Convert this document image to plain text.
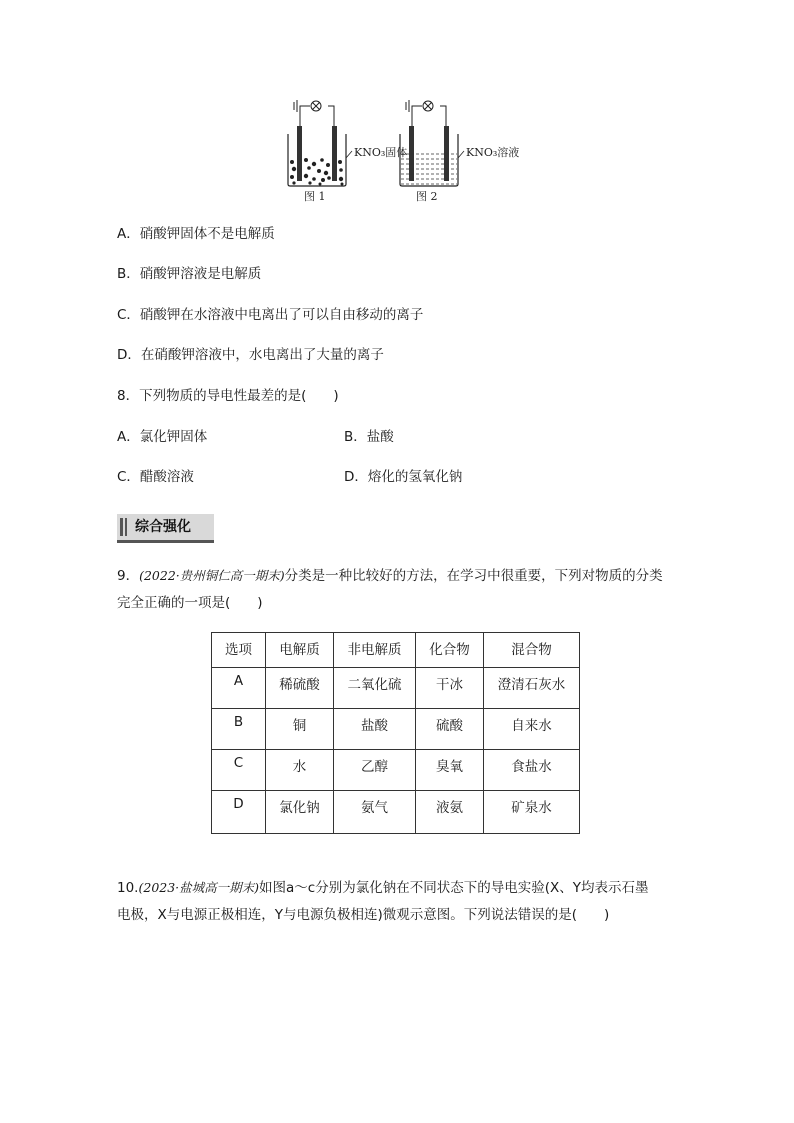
KNO₃固体	KNO₃溶液
图 1	图 2
A．硝酸钾固体不是电解质
B．硝酸钾溶液是电解质
C．硝酸钾在水溶液中电离出了可以自由移动的离子
D．在硝酸钾溶液中，水电离出了大量的离子
8．下列物质的导电性最差的是(　　)
A．氯化钾固体	B．盐酸
C．醋酸溶液	D．熔化的氢氧化钠
综合强化
9．(2022·贵州铜仁高一期末)分类是一种比较好的方法，在学习中很重要，下列对物质的分类
完全正确的一项是(　　)
选项	电解质	非电解质	化合物	混合物
A	稀硫酸	二氧化硫	干冰	澄清石灰水
B	铜	盐酸	硫酸	自来水
C	水	乙醇	臭氧	食盐水
D	氯化钠	氨气	液氨	矿泉水
10.(2023·盐城高一期末)如图a～c分别为氯化钠在不同状态下的导电实验(X、Y均表示石墨
电极，X与电源正极相连，Y与电源负极相连)微观示意图。下列说法错误的是(　　)
